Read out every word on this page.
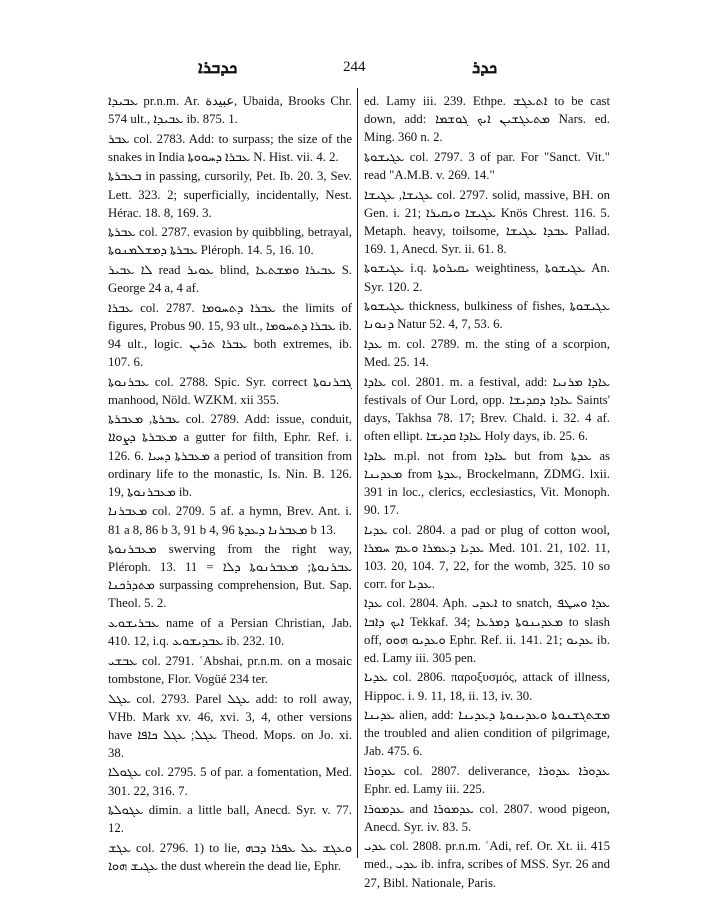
ܟܕܒܪܐ	244	ܟܕܪ

ܥܒܝܕܐ pr.n.m. Ar. عبيدة, Ubaida, Brooks Chr. 574 ult., ܥܒܝܕܐ ib. 875. 1.

ܥܒܪ col. 2783. Add: to surpass; the size of the snakes in India ܥܒܪܐ ܕܚܘܘܬܐ N. Hist. vii. 4. 2.

ܒܥܒܪܬܐ in passing, cursorily, Pet. Ib. 20. 3, Sev. Lett. 323. 2; superficially, incidentally, Nest. Hérac. 18. 8, 169. 3.

ܥܒܪܬܐ col. 2787. evasion by quibbling, betrayal, ܥܒܪܬܐ ܕܡܫܠܡܢܘܬܐ Pléroph. 14. 5, 16. 10.

ܠܐ ܥܒܝܪ read ܥܘܝܪ blind, ܥܒܝܪܐ ܘܡܫܬܥܐ S. George 24 a, 4 af.

ܥܒܪܐ col. 2787. ܥܒܪܐ ܕܬܚܘܡܐ the limits of figures, Probus 90. 15, 93 ult., ܥܒܪܐ ܕܬܚܘܡܐ ib. 94 ult., logic. ܥܒܪܐ ܬܪܝܢ both extremes, ib. 107. 6.

ܥܒܪܢܘܬܐ col. 2788. Spic. Syr. correct ܓܒܪܢܘܬܐ manhood, Nöld. WZKM. xii 355.

ܥܒܪܬܐ, ܡܥܒܪܬܐ col. 2789. Add: issue, conduit, ܡܥܒܪܬܐ ܕܨܘܐܐ a gutter for filth, Ephr. Ref. i. 126. 6. ܡܥܒܪܬܐ ܕܚܝܐ a period of transition from ordinary life to the monastic, Is. Nin. B. 126. 19, ܡܥܒܪܢܘܬܐ ib.

ܡܥܒܪܢܐ col. 2709. 5 af. a hymn, Brev. Ant. i. 81 a 8, 86 b 3, 91 b 4, ܡܥܒܪܢܐ ܕܥܕܬܐ 96 b 13.

ܡܥܒܪܢܘܬܐ swerving from the right way, Pléroph. 13. 11 = ܥܒܪܢܘܬܐ; ܡܥܒܪܢܘܬܐ ܕܠܐ ܡܬܕܪܟܢܐ surpassing comprehension, But. Sap. Theol. 5. 2.

ܥܒܪܝܫܘܥ name of a Persian Christian, Jab. 410. 12, i.q. ܥܒܕܝܫܘܥ ib. 232. 10.

ܥܒܫܝ col. 2791. ʿAbshai, pr.n.m. on a mosaic tombstone, Flor. Vogüé 234 ter.

ܥܓܠ col. 2793. Parel ܥܓܠ add: to roll away, VHb. Mark xv. 46, xvi. 3, 4, other versions have ܥܓܠ; ܥܓܠ ܟܐܦܐ Theod. Mops. on Jo. xi. 38.

ܥܓܘܠܐ col. 2795. 5 of par. a fomentation, Med. 301. 22, 316. 7.

ܥܓܘܠܬܐ dimin. a little ball, Anecd. Syr. v. 77. 12.

ܥܓܫ col. 2796. 1) to lie, ܘܥܓܫ ܥܠ ܥܦܪܐ ܕܒܗ ܥܓܝܫ ܗܘܐ the dust wherein the dead lie, Ephr.

ed. Lamy iii. 239. Ethpe. ܐܬܥܓܫ to be cast down, add: ܡܬܥܓܫܝܢ ܐܝܟ ܓܘܫܡܐ Nars. ed. Ming. 360 n. 2.

ܥܓܝܫܘܬܐ col. 2797. 3 of par. For "Sanct. Vit." read "A.M.B. v. 269. 14."

ܥܓܝܫܐ, ܥܓܝܫܐ col. 2797. solid, massive, BH. on Gen. i. 21; ܥܓܝܫܐ ܘܝܩܝܪܐ Knös Chrest. 116. 5. Metaph. heavy, toilsome, ܥܒܕܐ ܥܓܝܫܐ Pallad. 169. 1, Anecd. Syr. ii. 61. 8.

ܥܓܝܫܘܬܐ i.q. ܝܩܝܪܘܬܐ weightiness, ܥܓܝܫܘܬܐ An. Syr. 120. 2.

ܥܓܝܫܘܬܐ thickness, bulkiness of fishes, ܥܓܝܫܘܬܐ ܕܢܘܢܐ Natur 52. 4, 7, 53. 6.

ܥܕܐ m. col. 2789. m. the sting of a scorpion, Med. 25. 14.

ܥܐܕܐ col. 2801. m. a festival, add: ܥܐܕܐ ܡܪܢܝܐ festivals of Our Lord, opp. ܥܐܕܐ ܕܩܕܝܫܐ Saints' days, Takhsa 78. 17; Brev. Chald. i. 32. 4 af. often ellipt. ܥܐܕܐ ܩܕܝܫܐ Holy days, ib. 25. 6.

ܥܐܕܐ m.pl. not from ܥܐܕܐ but from ܥܕܬܐ as ܡܥܕܝܢܐ from ܥܕܬܐ, Brockelmann, ZDMG. lxii. 391 in loc., clerics, ecclesiastics, Vit. Monoph. 90. 17.

ܥܕܝܐ col. 2804. a pad or plug of cotton wool, ܥܕܝܐ ܕܥܡܪܐ ܘܥܡ ܚܡܪܐ Med. 101. 21, 102. 11, 103. 20, 104. 7, 22, for the womb, 325. 10 so corr. for ܥܕܝܐ.

ܥܕܐ col. 2804. Aph. ܐܥܕܝ to snatch, ܥܕܐ ܘܚܛܦ ܐܝܟ ܕܐܒܐ Tekkaf. 34; ܡܥܕܝܢܘܬܐ ܕܡܪܥܐ to slash off, ܘܥܕܝܘ ܗܘܘ Ephr. Ref. ii. 141. 21; ܥܕܝܘ ib. ed. Lamy iii. 305 pen.

ܥܕܝܐ col. 2806. παροξυσμός, attack of illness, Hippoc. i. 9. 11, 18, ii. 13, iv. 30.

ܥܕܝܢܐ alien, add: ܡܫܬܓܫܢܘܬܐ ܘܥܕܝܢܘܬܐ ܕܥܕܝܢܐ the troubled and alien condition of pilgrimage, Jab. 475. 6.

ܥܕܘܪܐ col. 2807. deliverance, ܥܕܘܪܐ ܥܕܘܪܐ Ephr. ed. Lamy iii. 225.

ܥܕܡܘܪܐ and ܥܕܡܘܪܐ col. 2807. wood pigeon, Anecd. Syr. iv. 83. 5.

ܥܕܝ col. 2808. pr.n.m. ʿAdi, ref. Or. Xt. ii. 415 med., ܥܕܝ ib. infra, scribes of MSS. Syr. 26 and 27, Bibl. Nationale, Paris.
